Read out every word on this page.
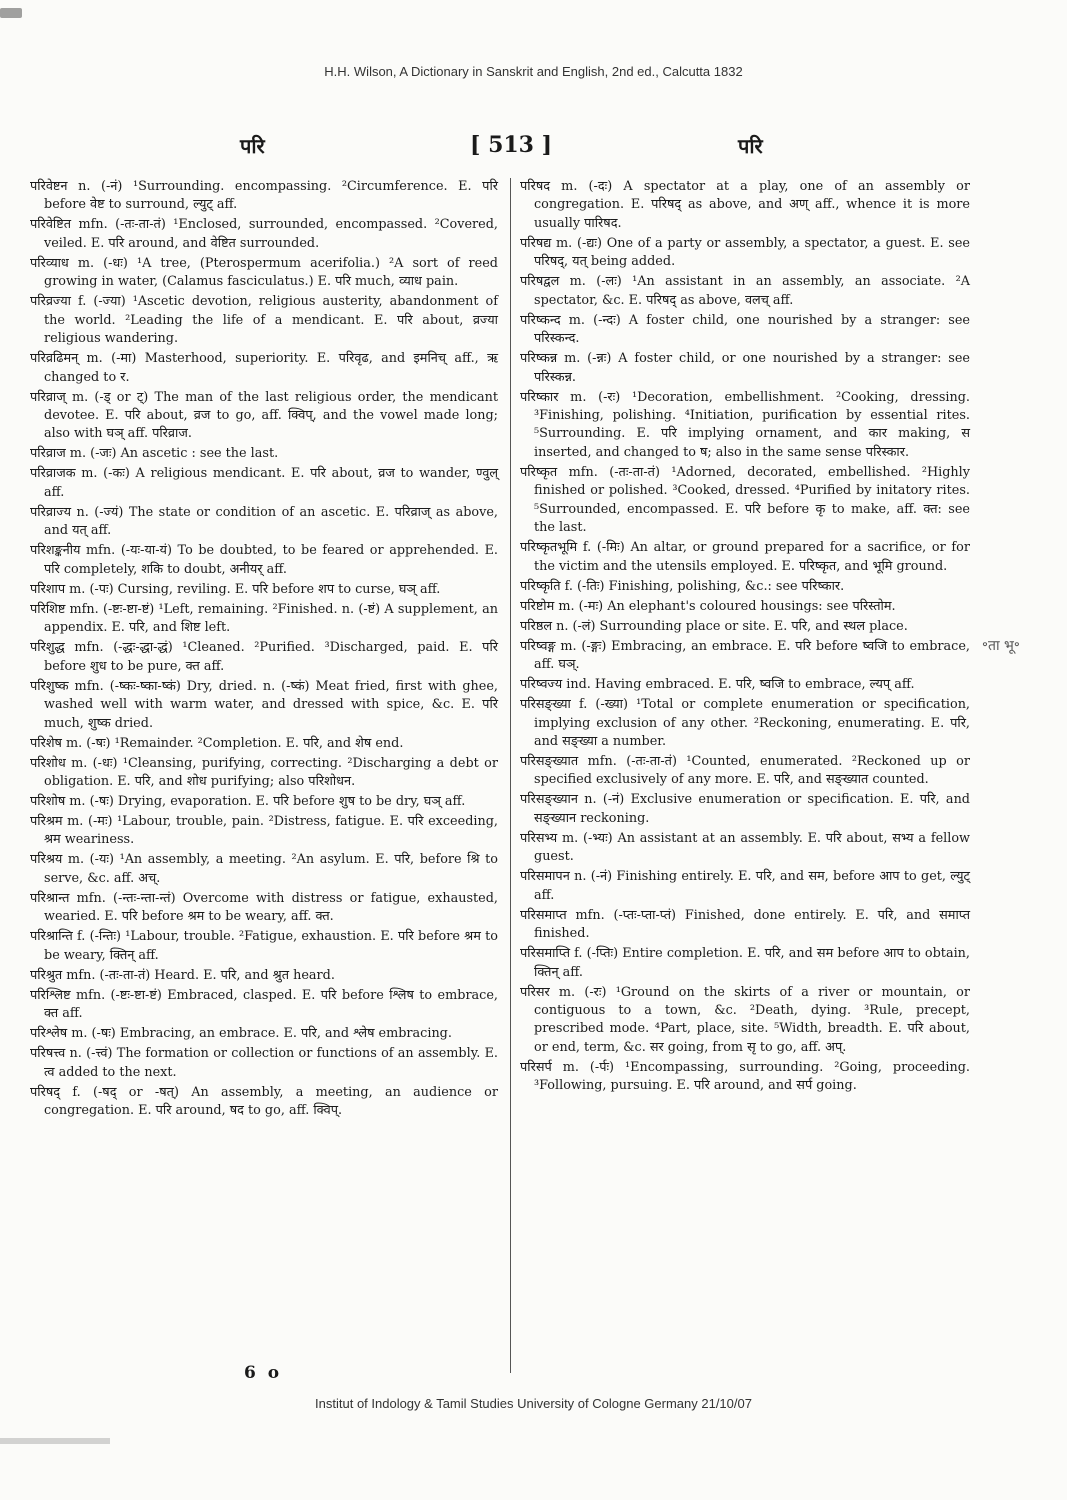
H.H. Wilson, A Dictionary in Sanskrit and English, 2nd ed., Calcutta 1832
परि	[ 513 ]	परि

परिवेष्टन n. (-नं) ¹Surrounding. encompassing. ²Circumference. E. परि before वेष्ट to surround, ल्युट् aff.

परिवेष्टित mfn. (-तः-ता-तं) ¹Enclosed, surrounded, encompassed. ²Covered, veiled. E. परि around, and वेष्टित surrounded.

परिव्याध m. (-धः) ¹A tree, (Pterospermum acerifolia.) ²A sort of reed growing in water, (Calamus fasciculatus.) E. परि much, व्याध pain.

परिव्रज्या f. (-ज्या) ¹Ascetic devotion, religious austerity, abandonment of the world. ²Leading the life of a mendicant. E. परि about, व्रज्या religious wandering.

परिव्रढिमन् m. (-मा) Masterhood, superiority. E. परिवृढ, and इमनिच् aff., ऋ changed to र.

परिव्राज् m. (-ड् or ट्) The man of the last religious order, the mendicant devotee. E. परि about, व्रज to go, aff. क्विप्, and the vowel made long; also with घञ् aff. परिव्राज.

परिव्राज m. (-जः) An ascetic : see the last.

परिव्राजक m. (-कः) A religious mendicant. E. परि about, व्रज to wander, ण्वुल् aff.

परिव्राज्य n. (-ज्यं) The state or condition of an ascetic. E. परिव्राज् as above, and यत् aff.

परिशङ्कनीय mfn. (-यः-या-यं) To be doubted, to be feared or apprehended. E. परि completely, शकि to doubt, अनीयर् aff.

परिशाप m. (-पः) Cursing, reviling. E. परि before शप to curse, घञ् aff.

परिशिष्ट mfn. (-ष्टः-ष्टा-ष्टं) ¹Left, remaining. ²Finished. n. (-ष्टं) A supplement, an appendix. E. परि, and शिष्ट left.

परिशुद्ध mfn. (-द्धः-द्धा-द्धं) ¹Cleaned. ²Purified. ³Discharged, paid. E. परि before शुध to be pure, क्त aff.

परिशुष्क mfn. (-ष्कः-ष्का-ष्कं) Dry, dried. n. (-ष्कं) Meat fried, first with ghee, washed well with warm water, and dressed with spice, &c. E. परि much, शुष्क dried.

परिशेष m. (-षः) ¹Remainder. ²Completion. E. परि, and शेष end.

परिशोध m. (-धः) ¹Cleansing, purifying, correcting. ²Discharging a debt or obligation. E. परि, and शोध purifying; also परिशोधन.

परिशोष m. (-षः) Drying, evaporation. E. परि before शुष to be dry, घञ् aff.

परिश्रम m. (-मः) ¹Labour, trouble, pain. ²Distress, fatigue. E. परि exceeding, श्रम weariness.

परिश्रय m. (-यः) ¹An assembly, a meeting. ²An asylum. E. परि, before श्रि to serve, &c. aff. अच्.

परिश्रान्त mfn. (-न्तः-न्ता-न्तं) Overcome with distress or fatigue, exhausted, wearied. E. परि before श्रम to be weary, aff. क्त.

परिश्रान्ति f. (-न्तिः) ¹Labour, trouble. ²Fatigue, exhaustion. E. परि before श्रम to be weary, क्तिन् aff.

परिश्रुत mfn. (-तः-ता-तं) Heard. E. परि, and श्रुत heard.

परिश्लिष्ट mfn. (-ष्टः-ष्टा-ष्टं) Embraced, clasped. E. परि before श्लिष to embrace, क्त aff.

परिश्लेष m. (-षः) Embracing, an embrace. E. परि, and श्लेष embracing.

परिषत्त्व n. (-त्त्वं) The formation or collection or functions of an assembly. E. त्व added to the next.

परिषद् f. (-षद् or -षत्) An assembly, a meeting, an audience or congregation. E. परि around, षद to go, aff. क्विप्.

परिषद m. (-दः) A spectator at a play, one of an assembly or congregation. E. परिषद् as above, and अण् aff., whence it is more usually पारिषद.

परिषद्य m. (-द्यः) One of a party or assembly, a spectator, a guest. E. see परिषद्, यत् being added.

परिषद्वल m. (-लः) ¹An assistant in an assembly, an associate. ²A spectator, &c. E. परिषद् as above, वलच् aff.

परिष्कन्द m. (-न्दः) A foster child, one nourished by a stranger: see परिस्कन्द.

परिष्कन्न m. (-न्नः) A foster child, or one nourished by a stranger: see परिस्कन्न.

परिष्कार m. (-रः) ¹Decoration, embellishment. ²Cooking, dressing. ³Finishing, polishing. ⁴Initiation, purification by essential rites. ⁵Surrounding. E. परि implying ornament, and कार making, स inserted, and changed to ष; also in the same sense परिस्कार.

परिष्कृत mfn. (-तः-ता-तं) ¹Adorned, decorated, embellished. ²Highly finished or polished. ³Cooked, dressed. ⁴Purified by initatory rites. ⁵Surrounded, encompassed. E. परि before कृ to make, aff. क्त: see the last.

परिष्कृतभूमि f. (-मिः) An altar, or ground prepared for a sacrifice, or for the victim and the utensils employed. E. परिष्कृत, and भूमि ground.

परिष्कृति f. (-तिः) Finishing, polishing, &c.: see परिष्कार.

परिष्टोम m. (-मः) An elephant's coloured housings: see परिस्तोम.

परिष्ठल n. (-लं) Surrounding place or site. E. परि, and स्थल place.

परिष्वङ्ग m. (-ङ्गः) Embracing, an embrace. E. परि before ष्वजि to embrace, aff. घञ्.

परिष्वज्य ind. Having embraced. E. परि, ष्वजि to embrace, ल्यप् aff.

परिसङ्ख्या f. (-ख्या) ¹Total or complete enumeration or specification, implying exclusion of any other. ²Reckoning, enumerating. E. परि, and सङ्ख्या a number.

परिसङ्ख्यात mfn. (-तः-ता-तं) ¹Counted, enumerated. ²Reckoned up or specified exclusively of any more. E. परि, and सङ्ख्यात counted.

परिसङ्ख्यान n. (-नं) Exclusive enumeration or specification. E. परि, and सङ्ख्यान reckoning.

परिसभ्य m. (-भ्यः) An assistant at an assembly. E. परि about, सभ्य a fellow guest.

परिसमापन n. (-नं) Finishing entirely. E. परि, and सम, before आप to get, ल्युट् aff.

परिसमाप्त mfn. (-प्तः-प्ता-प्तं) Finished, done entirely. E. परि, and समाप्त finished.

परिसमाप्ति f. (-प्तिः) Entire completion. E. परि, and सम before आप to obtain, क्तिन् aff.

परिसर m. (-रः) ¹Ground on the skirts of a river or mountain, or contiguous to a town, &c. ²Death, dying. ³Rule, precept, prescribed mode. ⁴Part, place, site. ⁵Width, breadth. E. परि about, or end, term, &c. सर going, from सृ to go, aff. अप्.

परिसर्प m. (-र्पः) ¹Encompassing, surrounding. ²Going, proceeding. ³Following, pursuing. E. परि around, and सर्प going.

॰ता भू॰
6 o
Institut of Indology & Tamil Studies University of Cologne Germany 21/10/07
